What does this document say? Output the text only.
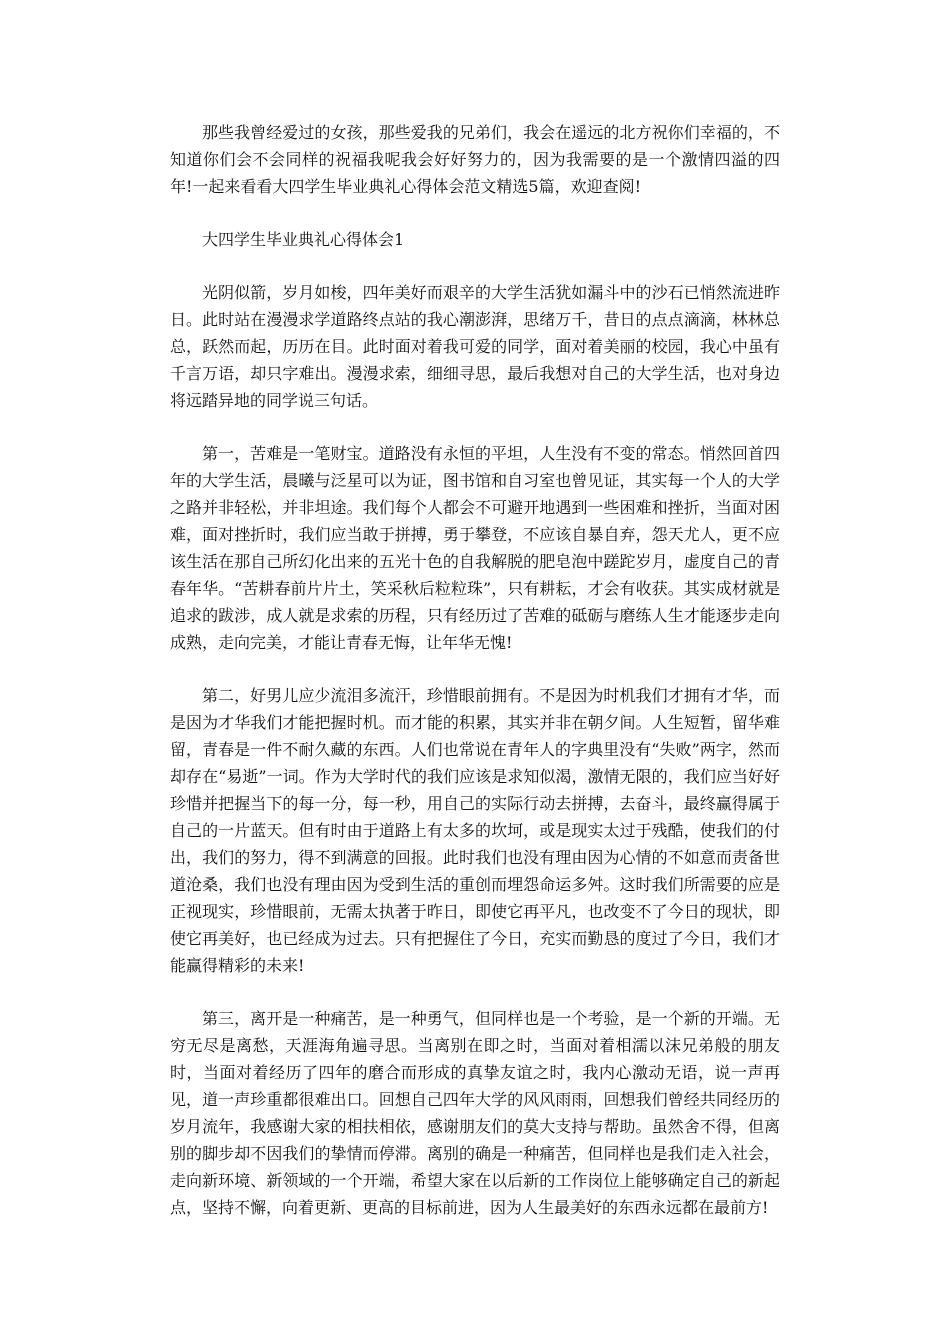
那些我曾经爱过的女孩，那些爱我的兄弟们，我会在遥远的北方祝你们幸福的，不知道你们会不会同样的祝福我呢我会好好努力的，因为我需要的是一个激情四溢的四年!一起来看看大四学生毕业典礼心得体会范文精选5篇，欢迎查阅!

大四学生毕业典礼心得体会1

光阴似箭，岁月如梭，四年美好而艰辛的大学生活犹如漏斗中的沙石已悄然流进昨日。此时站在漫漫求学道路终点站的我心潮澎湃，思绪万千，昔日的点点滴滴，林林总总，跃然而起，历历在目。此时面对着我可爱的同学，面对着美丽的校园，我心中虽有千言万语，却只字难出。漫漫求索，细细寻思，最后我想对自己的大学生活，也对身边将远踏异地的同学说三句话。

第一，苦难是一笔财宝。道路没有永恒的平坦，人生没有不变的常态。悄然回首四年的大学生活，晨曦与泛星可以为证，图书馆和自习室也曾见证，其实每一个人的大学之路并非轻松，并非坦途。我们每个人都会不可避开地遇到一些困难和挫折，当面对困难，面对挫折时，我们应当敢于拼搏，勇于攀登，不应该自暴自弃，怨天尤人，更不应该生活在那自己所幻化出来的五光十色的自我解脱的肥皂泡中蹉跎岁月，虚度自己的青春年华。“苦耕春前片片土，笑采秋后粒粒珠”，只有耕耘，才会有收获。其实成材就是追求的跋涉，成人就是求索的历程，只有经历过了苦难的砥砺与磨练人生才能逐步走向成熟，走向完美，才能让青春无悔，让年华无愧!

第二，好男儿应少流泪多流汗，珍惜眼前拥有。不是因为时机我们才拥有才华，而是因为才华我们才能把握时机。而才能的积累，其实并非在朝夕间。人生短暂，留华难留，青春是一件不耐久藏的东西。人们也常说在青年人的字典里没有“失败”两字，然而却存在“易逝”一词。作为大学时代的我们应该是求知似渴，激情无限的，我们应当好好珍惜并把握当下的每一分，每一秒，用自己的实际行动去拼搏，去奋斗，最终赢得属于自己的一片蓝天。但有时由于道路上有太多的坎坷，或是现实太过于残酷，使我们的付出，我们的努力，得不到满意的回报。此时我们也没有理由因为心情的不如意而责备世道沧桑，我们也没有理由因为受到生活的重创而埋怨命运多舛。这时我们所需要的应是正视现实，珍惜眼前，无需太执著于昨日，即使它再平凡，也改变不了今日的现状，即使它再美好，也已经成为过去。只有把握住了今日，充实而勤恳的度过了今日，我们才能赢得精彩的未来!

第三，离开是一种痛苦，是一种勇气，但同样也是一个考验，是一个新的开端。无穷无尽是离愁，天涯海角遍寻思。当离别在即之时，当面对着相濡以沫兄弟般的朋友时，当面对着经历了四年的磨合而形成的真挚友谊之时，我内心激动无语，说一声再见，道一声珍重都很难出口。回想自己四年大学的风风雨雨，回想我们曾经共同经历的岁月流年，我感谢大家的相扶相依，感谢朋友们的莫大支持与帮助。虽然舍不得，但离别的脚步却不因我们的挚情而停滞。离别的确是一种痛苦，但同样也是我们走入社会，走向新环境、新领域的一个开端，希望大家在以后新的工作岗位上能够确定自己的新起点，坚持不懈，向着更新、更高的目标前进，因为人生最美好的东西永远都在最前方!
